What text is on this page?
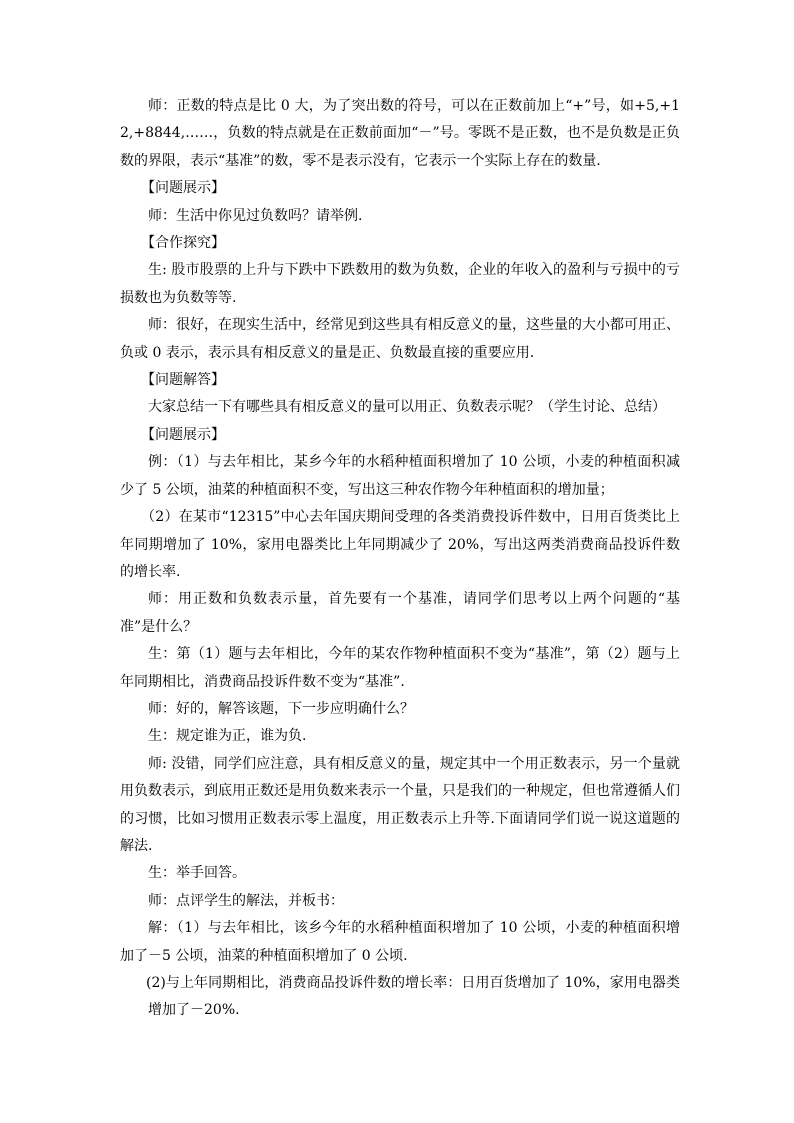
师：正数的特点是比 0 大，为了突出数的符号，可以在正数前加上“+”号，如+5,+12,+8844,……，负数的特点就是在正数前面加“－”号。零既不是正数，也不是负数是正负数的界限，表示“基准”的数，零不是表示没有，它表示一个实际上存在的数量.

【问题展示】

师：生活中你见过负数吗？请举例.

【合作探究】

生: 股市股票的上升与下跌中下跌数用的数为负数，企业的年收入的盈利与亏损中的亏损数也为负数等等.

师：很好，在现实生活中，经常见到这些具有相反意义的量，这些量的大小都可用正、负或 0 表示，表示具有相反意义的量是正、负数最直接的重要应用.

【问题解答】

大家总结一下有哪些具有相反意义的量可以用正、负数表示呢？（学生讨论、总结）

【问题展示】

例：（1）与去年相比，某乡今年的水稻种植面积增加了 10 公顷，小麦的种植面积减少了 5 公顷，油菜的种植面积不变，写出这三种农作物今年种植面积的增加量；

（2）在某市“12315”中心去年国庆期间受理的各类消费投诉件数中，日用百货类比上年同期增加了 10%，家用电器类比上年同期减少了 20%，写出这两类消费商品投诉件数的增长率.

师：用正数和负数表示量，首先要有一个基准，请同学们思考以上两个问题的“基准”是什么？

生：第（1）题与去年相比，今年的某农作物种植面积不变为“基准”，第（2）题与上年同期相比，消费商品投诉件数不变为“基准”.

师：好的，解答该题，下一步应明确什么？

生：规定谁为正，谁为负.

师: 没错，同学们应注意，具有相反意义的量，规定其中一个用正数表示，另一个量就用负数表示，到底用正数还是用负数来表示一个量，只是我们的一种规定，但也常遵循人们的习惯，比如习惯用正数表示零上温度，用正数表示上升等.下面请同学们说一说这道题的解法.

生：举手回答。

师：点评学生的解法，并板书：

解：（1）与去年相比，该乡今年的水稻种植面积增加了 10 公顷，小麦的种植面积增加了－5 公顷，油菜的种植面积增加了 0 公顷.

(2)与上年同期相比，消费商品投诉件数的增长率：日用百货增加了 10%，家用电器类增加了－20%.
